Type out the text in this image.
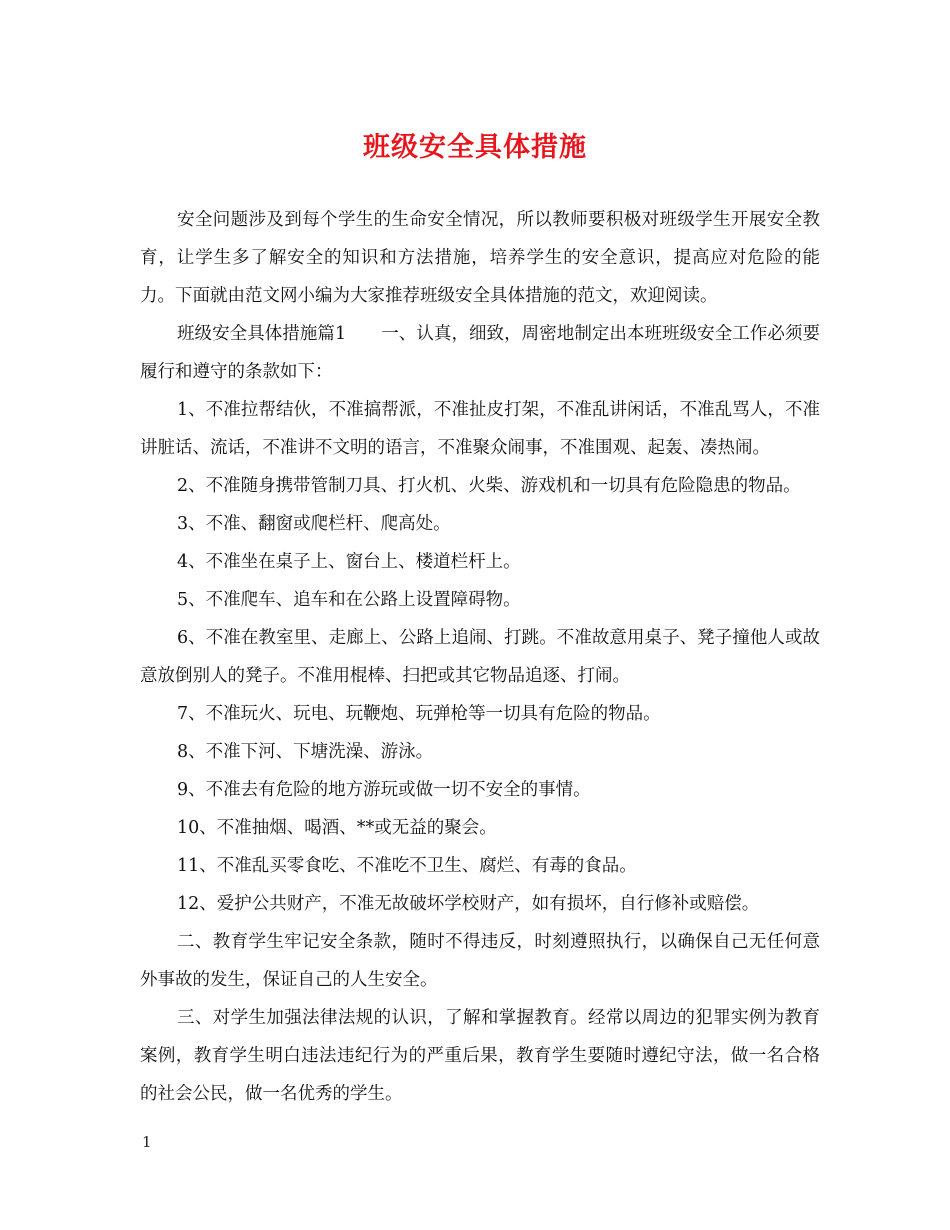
班级安全具体措施

安全问题涉及到每个学生的生命安全情况，所以教师要积极对班级学生开展安全教育，让学生多了解安全的知识和方法措施，培养学生的安全意识，提高应对危险的能力。下面就由范文网小编为大家推荐班级安全具体措施的范文，欢迎阅读。

班级安全具体措施篇1　　一、认真，细致，周密地制定出本班班级安全工作必须要履行和遵守的条款如下：

1、不准拉帮结伙，不准搞帮派，不准扯皮打架，不准乱讲闲话，不准乱骂人，不准讲脏话、流话，不准讲不文明的语言，不准聚众闹事，不准围观、起轰、凑热闹。

2、不准随身携带管制刀具、打火机、火柴、游戏机和一切具有危险隐患的物品。

3、不准、翻窗或爬栏杆、爬高处。

4、不准坐在桌子上、窗台上、楼道栏杆上。

5、不准爬车、追车和在公路上设置障碍物。

6、不准在教室里、走廊上、公路上追闹、打跳。不准故意用桌子、凳子撞他人或故意放倒别人的凳子。不准用棍棒、扫把或其它物品追逐、打闹。

7、不准玩火、玩电、玩鞭炮、玩弹枪等一切具有危险的物品。

8、不准下河、下塘洗澡、游泳。

9、不准去有危险的地方游玩或做一切不安全的事情。

10、不准抽烟、喝酒、**或无益的聚会。

11、不准乱买零食吃、不准吃不卫生、腐烂、有毒的食品。

12、爱护公共财产，不准无故破坏学校财产，如有损坏，自行修补或赔偿。

二、教育学生牢记安全条款，随时不得违反，时刻遵照执行，以确保自己无任何意外事故的发生，保证自己的人生安全。

三、对学生加强法律法规的认识，了解和掌握教育。经常以周边的犯罪实例为教育案例，教育学生明白违法违纪行为的严重后果，教育学生要随时遵纪守法，做一名合格的社会公民，做一名优秀的学生。

1
